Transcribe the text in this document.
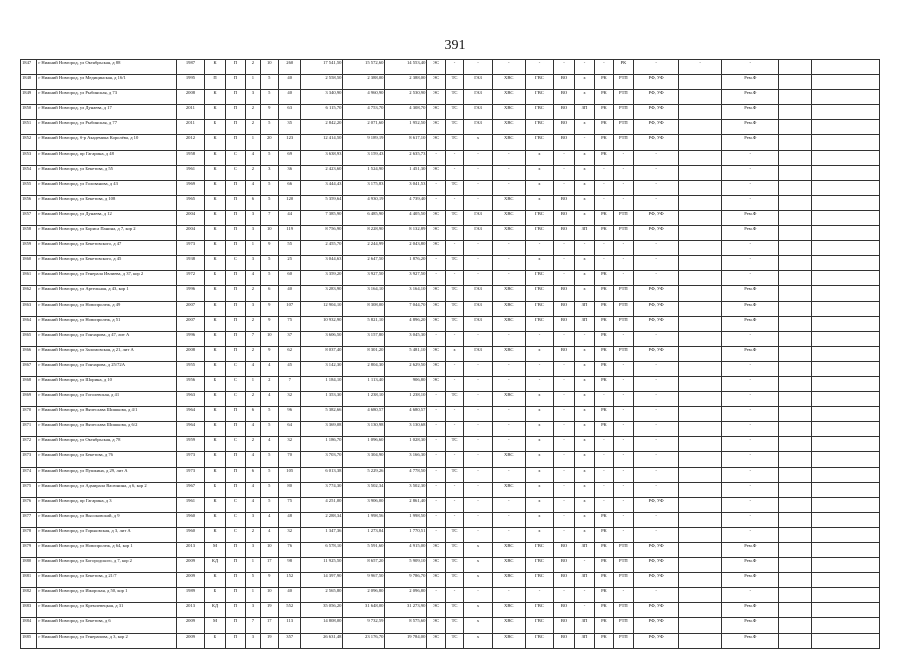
391
1847	г Нижний Новгород, ул Октябрьская, д 88	1987	К	П	2	10	260	17 541,50	15 572,60	14 553,40	ЭС	-	-	-	-	-	-	-	РК	-	-	-		
1848	г Нижний Новгород, ул Медицинская, д 16/1	1995	П	П	1	5	40	2 558,50	2 388,00	2 388,00	ЭС	ТС	ГАЗ	ХВС	ГВС	ВО	х	РК	РТП	РФ, УФ		Рем.Ф		
1849	г Нижний Новгород, ул Рыбинская, д 73	2008	К	П	3	5	40	3 340,90	4 960,90	2 530,90	ЭС	ТС	ГАЗ	ХВС	ГВС	ВО	х	РК	РТП	РФ, УФ		Рем.Ф		
1850	г Нижний Новгород, ул Дунаева, д 17	2011	К	П	2	9	63	6 115,70	4 753,70	4 308,70	ЭС	ТС	ГАЗ	ХВС	ГВС	ВО	ЗП	РК	РТП	РФ, УФ		Рем.Ф		
1851	г Нижний Новгород, ул Рыбинская, д 77	2011	Б	П	2	5	35	2 842,20	2 071,60	1 952,50	ЭС	ТС	ГАЗ	ХВС	ГВС	ВО	х	РК	РТП	РФ, УФ		Рем.Ф		
1852	г Нижний Новгород, б-р Академика Королёва, д 10	2012	К	П	1	20	123	12 414,50	9 189,19	8 617,10	ЭС	ТС	х	ХВС	ГВС	ВО	-	РК	РТП	РФ, УФ		Рем.Ф		
1853	г Нижний Новгород, пр Гагарина, д 48	1958	К	С	4	5	69	3 638,93	3 159,43	2 635,73	-	-	-	-	х	-	х	РК	-	-		-		
1854	г Нижний Новгород, ул Бекетова, д 55	1961	К	С	2	3	36	2 423,60	1 524,90	1 451,30	ЭС	-	-	-	х	-	х	-	-	-		-		
1855	г Нижний Новгород, ул Голованова, д 43	1969	К	П	4	5	66	3 444,43	3 175,83	3 041,53	-	ТС	-	-	х	-	х	-	-	-		-		
1856	г Нижний Новгород, ул Бекетова, д 108	1965	К	П	6	5	120	5 359,64	4 930,19	4 739,40	-	-	-	ХВС	х	ВО	х	-	-	-		-		
1857	г Нижний Новгород, ул Дунаева, д 12	2004	К	П	3	7	44	7 385,90	6 485,90	4 405,50	ЭС	ТС	ГАЗ	ХВС	ГВС	ВО	х	РК	РТП	РФ, УФ		Рем.Ф		
1858	г Нижний Новгород, ул Бориса Панина, д 7, кор 2	2004	К	П	3	10	119	8 756,90	8 228,90	8 132,89	ЭС	ТС	ГАЗ	ХВС	ГВС	ВО	ЗП	РК	РТП	РФ, УФ		Рем.Ф		
1859	г Нижний Новгород, ул Бекетовского, д 47	1973	К	П	1	9	55	2 455,70	2 244,99	2 043,80	ЭС	-	-	-	-	-	-	-	-	-		-		
1860	г Нижний Новгород, ул Бекетовского, д 45	1938	К	С	3	5	25	3 044,63	2 647,50	1 876,20	-	ТС	-	-	х	-	х	-	-	-		-		
1861	г Нижний Новгород, ул Генерала Ивлиева, д 37, кор 2	1972	Б	П	4	5	60	3 359,20	3 927,50	3 927,50	-	-	-	-	ГВС	-	х	РК	-	-		-		
1862	г Нижний Новгород, ул Артельная, д 43, кор 1	1996	К	П	2	6	40	3 283,90	3 164,10	3 164,10	ЭС	ТС	ГАЗ	ХВС	ГВС	ВО	х	РК	РТП	РФ, УФ		Рем.Ф		
1863	г Нижний Новгород, ул Новопролеж, д 49	2007	К	П	3	9	107	12 904,10	8 308,00	7 044,70	ЭС	ТС	ГАЗ	ХВС	ГВС	ВО	ЗП	РК	РТП	РФ, УФ		Рем.Ф		
1864	г Нижний Новгород, ул Новопролеж, д 51	2007	К	П	2	9	75	10 932,90	5 821,10	4 896,20	ЭС	ТС	ГАЗ	ХВС	ГВС	ВО	ЗП	РК	РТП	РФ, УФ		Рем.Ф		
1865	г Нижний Новгород, ул Гончарова, д 47, лит А	1996	К	П	7	10	37	3 606,50	3 157,80	3 045,30	-	-	-	-	-	-	-	РК	-	-		-		
1866	г Нижний Новгород, ул Заломовская, д 21, лит А	2008	К	П	2	9	62	8 037,40	8 301,20	5 481,10	ЭС	х	ГАЗ	ХВС	х	ВО	х	РК	РТП	РФ, УФ		Рем.Ф		
1867	г Нижний Новгород, ул Гончарова, д 25/72А	1955	К	С	4	4	45	3 142,30	2 804,30	2 629,50	ЭС	-	-	-	-	-	х	РК	-	-		-		
1868	г Нижний Новгород, ул Шорина, д 10	1956	Б	С	1	2	7	1 184,10	1 113,40	906,80	ЭС	-	-	-	-	-	х	РК	-	-		-		
1869	г Нижний Новгород, ул Гоголевская, д 41	1963	К	С	2	4	32	1 353,30	1 238,10	1 238,10	-	ТС	-	ХВС	х	-	х	-	-	-		-		
1870	г Нижний Новгород, ул Вячеслава Шишкова, д 4/1	1964	К	П	6	5	96	5 382,66	4 680,57	4 680,57	-	-	-	-	х	-	х	РК	-	-		-		
1871	г Нижний Новгород, ул Вячеслава Шишкова, д 6/2	1964	К	П	4	5	64	3 369,08	3 130,98	3 130,68	-	-	-	-	х	-	х	РК	-	-		-		
1872	г Нижний Новгород, ул Октябрьская, д 78	1959	К	С	2	4	32	1 186,70	1 096,60	1 028,30	-	ТС	-	-	х	-	х	-	-	-		-		
1873	г Нижний Новгород, ул Бекетова, д 76	1973	К	П	4	5	70	3 703,70	3 304,90	3 166,30	-	-	-	ХВС	х	-	х	-	-	-		-		
1874	г Нижний Новгород, ул Пушкина, д 29, лит А	1973	К	П	6	5	105	6 013,38	5 229,26	4 778,50	-	ТС	-	-	х	-	х	-	-	-		-		
1875	г Нижний Новгород, ул Адмирала Васюнина, д 6, кор 2	1967	Б	П	4	5	80	3 774,30	3 502,34	3 502,30	-	-	-	ХВС	х	-	х	-	-	-		-		
1876	г Нижний Новгород, пр Гагарина, д 3	1961	К	С	4	5	75	4 251,00	3 906,00	2 861,40	-	-	-	-	х	-	х	-	-	РФ, УФ		-		
1877	г Нижний Новгород, ул Высоковский, д 9	1960	К	С	3	4	48	2 288,34	1 998,56	1 998,50	-	-	-	-	х	-	х	РК	-	-		-		
1878	г Нижний Новгород, ул Горьковская, д 3, лит А	1960	К	С	2	4	32	1 347,36	1 273,84	1 770,51	-	ТС	-	-	х	-	х	РК	-	-		-		
1879	г Нижний Новгород, ул Новопролеж, д 64, кор 1	2013	М	П	3	10	76	6 578,10	5 591,60	4 915,00	ЭС	ТС	х	ХВС	ГВС	ВО	ЗП	РК	РТП	РФ, УФ		Рем.Ф		
1880	г Нижний Новгород, ул Богородского, д 7, кор 2	2009	КД	П	1	17	98	11 925,50	8 657,20	5 909,10	ЭС	ТС	х	ХВС	ГВС	ВО	-	РК	РТП	РФ, УФ		Рем.Ф		
1881	г Нижний Новгород, ул Бекетова, д 21/7	2009	К	П	5	9	152	14 397,90	9 967,50	9 786,70	ЭС	ТС	х	ХВС	ГВС	ВО	ЗП	РК	РТП	РФ, УФ		Рем.Ф		
1882	г Нижний Новгород, ул Ижорская, д 50, кор 1	1989	Б	П	1	10	40	2 565,80	2 096,80	2 096,80	-	-	-	-	-	-	-	РК	-	-		-		
1883	г Нижний Новгород, ул Кремлевецкая, д 31	2013	КД	П	3	19	552	35 056,20	31 648,00	31 273,90	ЭС	ТС	х	ХВС	ГВС	ВО	-	РК	РТП	РФ, УФ		Рем.Ф		
1884	г Нижний Новгород, ул Бекетова, д 6	2009	М	П	7	17	113	14 808,00	9 732,59	8 575,60	ЭС	ТС	х	ХВС	ГВС	ВО	ЗП	РК	РТП	РФ, УФ		Рем.Ф		
1885	г Нижний Новгород, ул Генерапова, д 3, кор 2	2009	Б	П	3	19	357	26 631,48	23 176,70	19 784,00	ЭС	ТС	х	ХВС	ГВС	ВО	ЗП	РК	РТП	РФ, УФ		Рем.Ф		
